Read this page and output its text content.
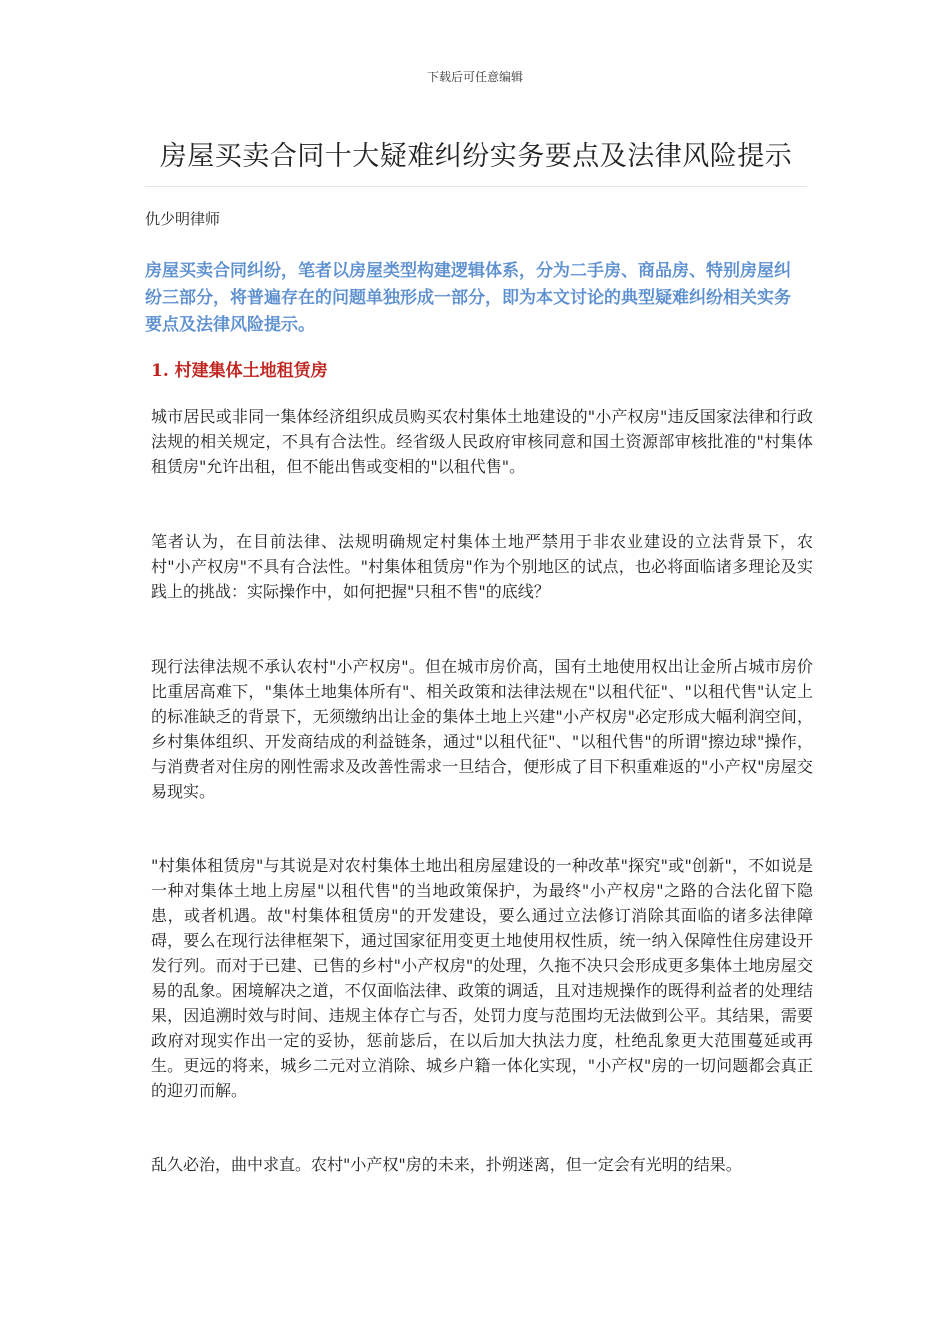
下载后可任意编辑
房屋买卖合同十大疑难纠纷实务要点及法律风险提示
仇少明律师

房屋买卖合同纠纷，笔者以房屋类型构建逻辑体系，分为二手房、商品房、特别房屋纠纷三部分，将普遍存在的问题单独形成一部分，即为本文讨论的典型疑难纠纷相关实务要点及法律风险提示。

1. 村建集体土地租赁房

城市居民或非同一集体经济组织成员购买农村集体土地建设的"小产权房"违反国家法律和行政法规的相关规定，不具有合法性。经省级人民政府审核同意和国土资源部审核批准的"村集体租赁房"允许出租，但不能出售或变相的"以租代售"。

笔者认为，在目前法律、法规明确规定村集体土地严禁用于非农业建设的立法背景下，农村"小产权房"不具有合法性。"村集体租赁房"作为个别地区的试点，也必将面临诸多理论及实践上的挑战：实际操作中，如何把握"只租不售"的底线？

现行法律法规不承认农村"小产权房"。但在城市房价高，国有土地使用权出让金所占城市房价比重居高难下，"集体土地集体所有"、相关政策和法律法规在"以租代征"、"以租代售"认定上的标准缺乏的背景下，无须缴纳出让金的集体土地上兴建"小产权房"必定形成大幅利润空间，乡村集体组织、开发商结成的利益链条，通过"以租代征"、"以租代售"的所谓"擦边球"操作，与消费者对住房的刚性需求及改善性需求一旦结合，便形成了目下积重难返的"小产权"房屋交易现实。

"村集体租赁房"与其说是对农村集体土地出租房屋建设的一种改革"探究"或"创新"，不如说是一种对集体土地上房屋"以租代售"的当地政策保护，为最终"小产权房"之路的合法化留下隐患，或者机遇。故"村集体租赁房"的开发建设，要么通过立法修订消除其面临的诸多法律障碍，要么在现行法律框架下，通过国家征用变更土地使用权性质，统一纳入保障性住房建设开发行列。而对于已建、已售的乡村"小产权房"的处理，久拖不决只会形成更多集体土地房屋交易的乱象。困境解决之道，不仅面临法律、政策的调适，且对违规操作的既得利益者的处理结果，因追溯时效与时间、违规主体存亡与否，处罚力度与范围均无法做到公平。其结果，需要政府对现实作出一定的妥协，惩前毖后，在以后加大执法力度，杜绝乱象更大范围蔓延或再生。更远的将来，城乡二元对立消除、城乡户籍一体化实现，"小产权"房的一切问题都会真正的迎刃而解。

乱久必治，曲中求直。农村"小产权"房的未来，扑朔迷离，但一定会有光明的结果。
